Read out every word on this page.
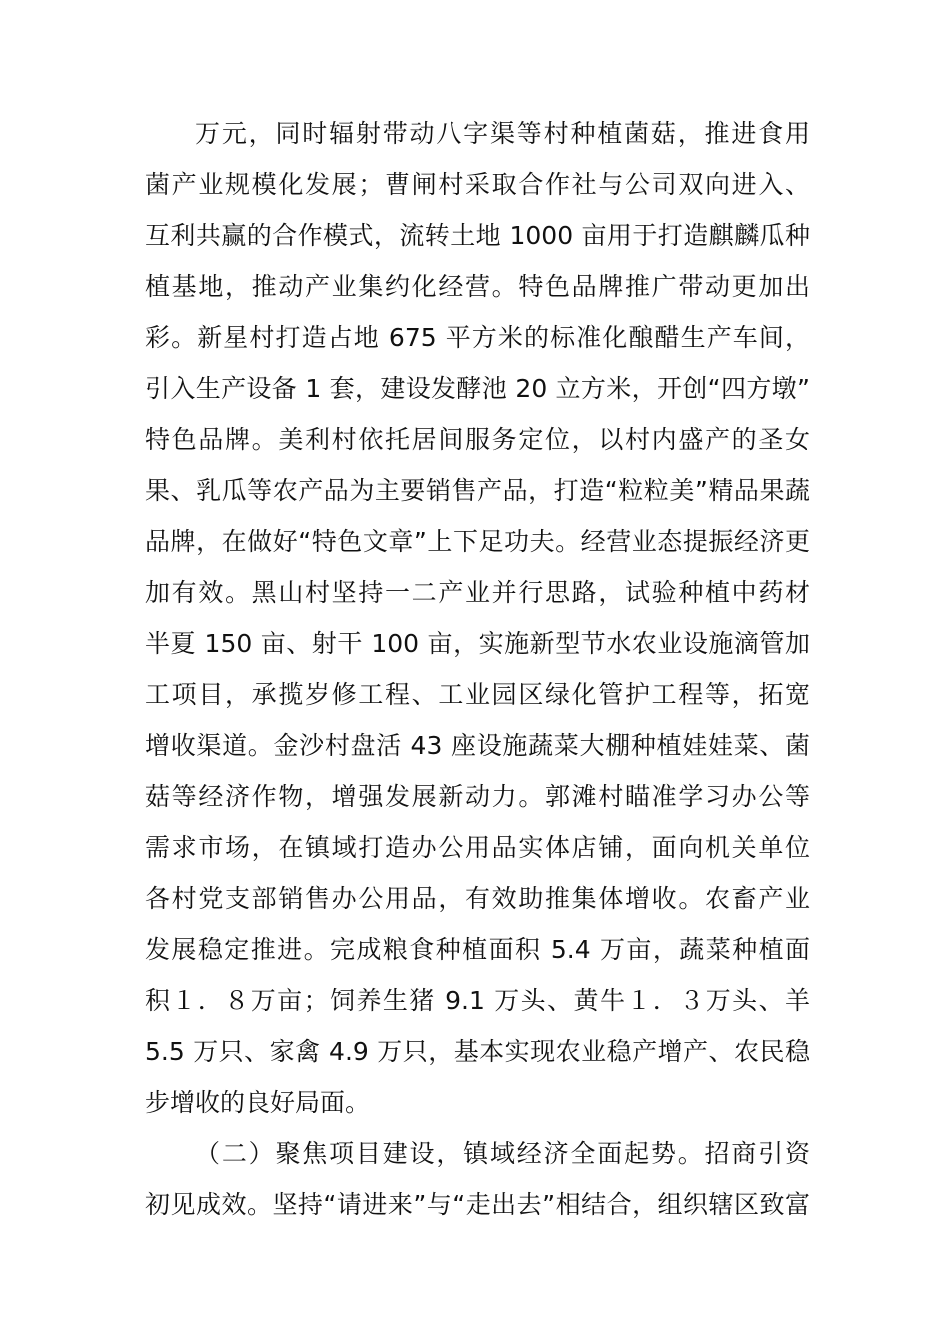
万元，同时辐射带动八字渠等村种植菌菇，推进食用
菌产业规模化发展；曹闸村采取合作社与公司双向进入、
互利共赢的合作模式，流转土地 1000 亩用于打造麒麟瓜种
植基地，推动产业集约化经营。特色品牌推广带动更加出
彩。新星村打造占地 675 平方米的标准化酿醋生产车间，
引入生产设备 1 套，建设发酵池 20 立方米，开创“四方墩”
特色品牌。美利村依托居间服务定位，以村内盛产的圣女
果、乳瓜等农产品为主要销售产品，打造“粒粒美”精品果蔬
品牌，在做好“特色文章”上下足功夫。经营业态提振经济更
加有效。黑山村坚持一二产业并行思路，试验种植中药材
半夏 150 亩、射干 100 亩，实施新型节水农业设施滴管加
工项目，承揽岁修工程、工业园区绿化管护工程等，拓宽
增收渠道。金沙村盘活 43 座设施蔬菜大棚种植娃娃菜、菌
菇等经济作物，增强发展新动力。郭滩村瞄准学习办公等
需求市场，在镇域打造办公用品实体店铺，面向机关单位
各村党支部销售办公用品，有效助推集体增收。农畜产业
发展稳定推进。完成粮食种植面积 5.4 万亩，蔬菜种植面
积１．８万亩；饲养生猪 9.1 万头、黄牛１．３万头、羊
5.5 万只、家禽 4.9 万只，基本实现农业稳产增产、农民稳
步增收的良好局面。
（二）聚焦项目建设，镇域经济全面起势。招商引资
初见成效。坚持“请进来”与“走出去”相结合，组织辖区致富
